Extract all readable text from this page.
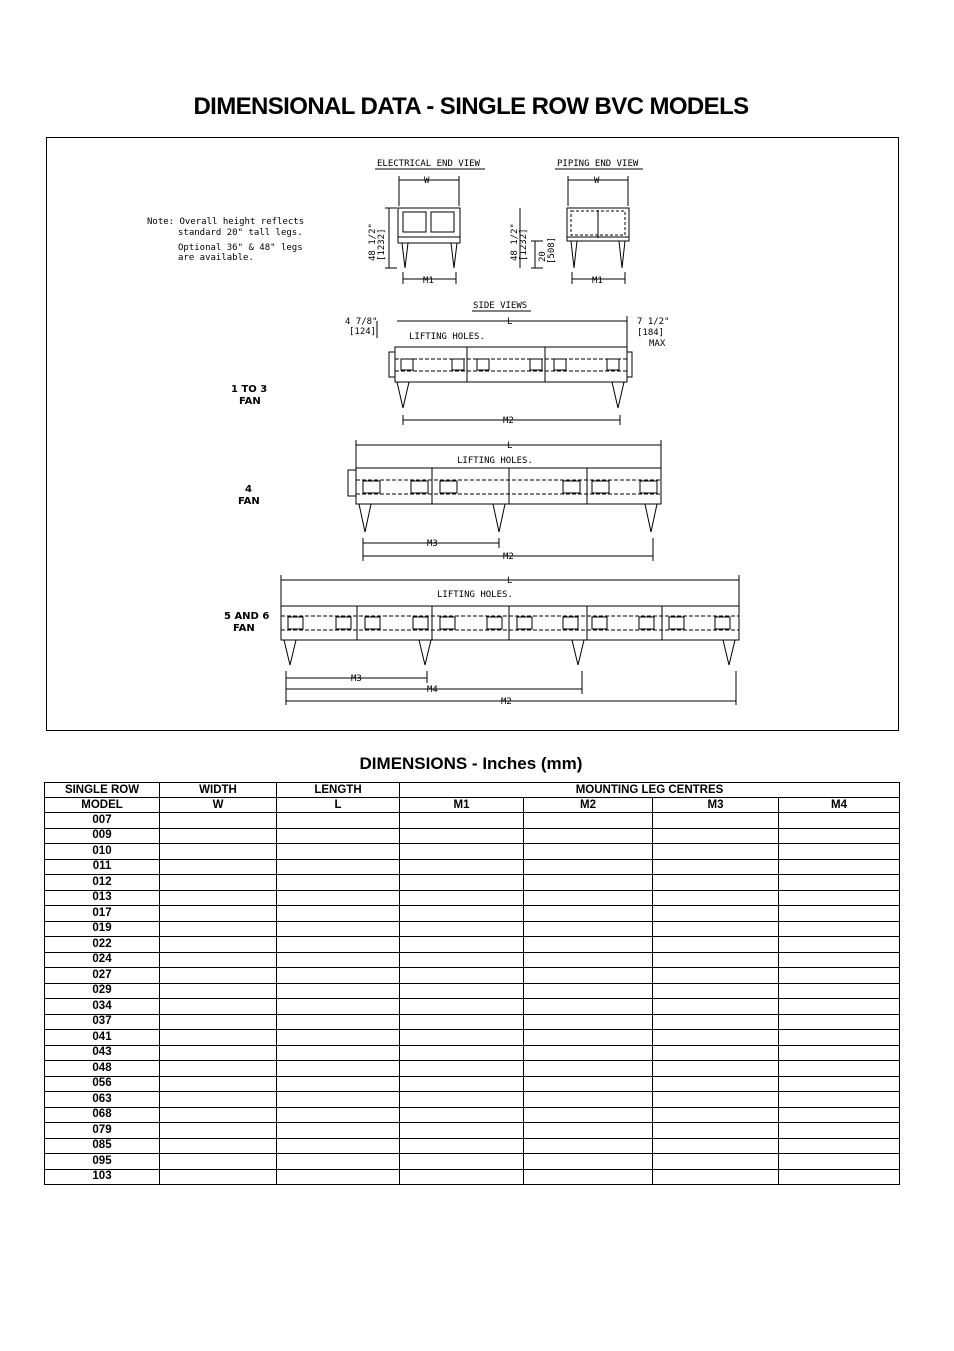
DIMENSIONAL DATA - SINGLE ROW BVC MODELS
ELECTRICAL END VIEW	PIPING END VIEW
W	W
M1	M1
48 1/2" [1232]	48 1/2" [1232] 20 [508]
Note: Overall height reflects
standard 20" tall legs.
Optional 36" & 48" legs
are available.
SIDE VIEWS
4 7/8"
[124]
7 1/2"
[184]
MAX
L
LIFTING HOLES.
M2
1 TO 3
FAN
L
LIFTING HOLES.
M3
M2
4
FAN
L
LIFTING HOLES.
M3
M4
M2
5 AND 6
FAN
DIMENSIONS - Inches (mm)
SINGLE ROW	WIDTH	LENGTH	MOUNTING LEG CENTRES			
MODEL	W	L	M1	M2	M3	M4
007						
009						
010						
011						
012						
013						
017						
019						
022						
024						
027						
029						
034						
037						
041						
043						
048						
056						
063						
068						
079						
085						
095						
103						
